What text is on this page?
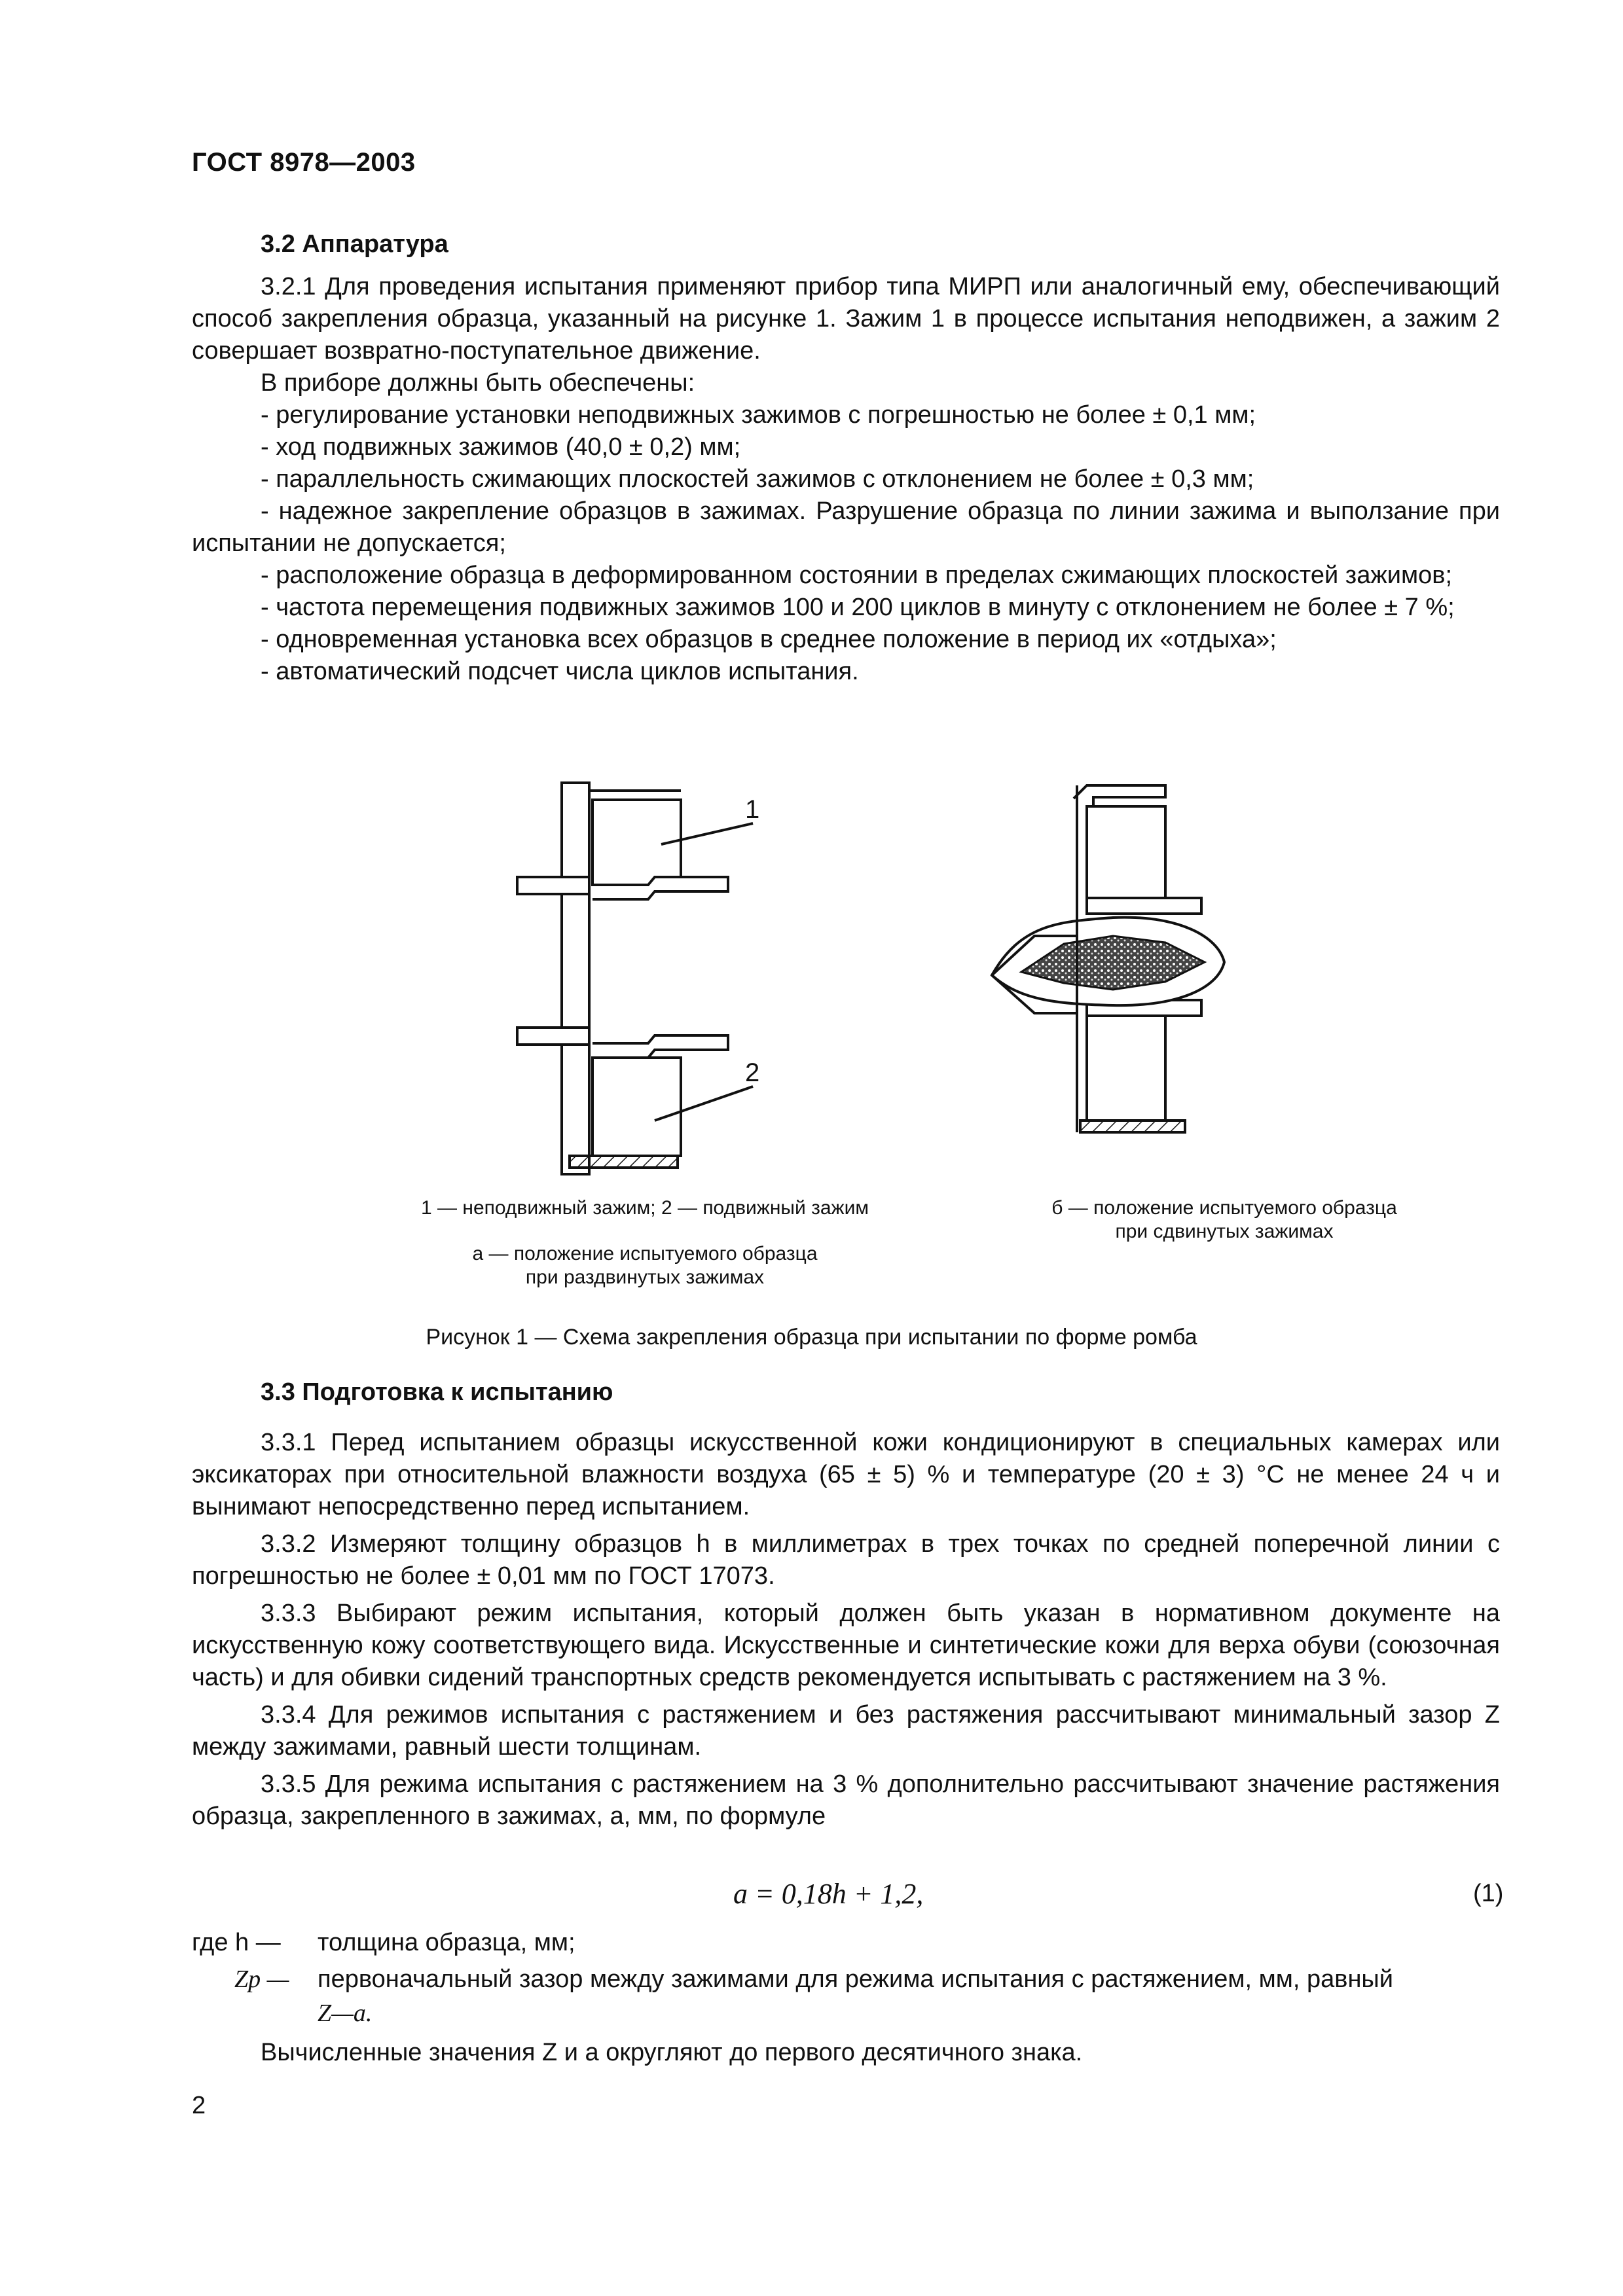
ГОСТ 8978—2003
3.2 Аппаратура

3.2.1 Для проведения испытания применяют прибор типа МИРП или аналогичный ему, обеспечивающий способ закрепления образца, указанный на рисунке 1. Зажим 1 в процессе испытания неподвижен, а зажим 2 совершает возвратно-поступательное движение.

В приборе должны быть обеспечены:

- регулирование установки неподвижных зажимов с погрешностью не более ± 0,1 мм;

- ход подвижных зажимов (40,0 ± 0,2) мм;

- параллельность сжимающих плоскостей зажимов с отклонением не более ± 0,3 мм;

- надежное закрепление образцов в зажимах. Разрушение образца по линии зажима и выползание при испытании не допускается;

- расположение образца в деформированном состоянии в пределах сжимающих плоскостей зажимов;

- частота перемещения подвижных зажимов 100 и 200 циклов в минуту с отклонением не более ± 7 %;

- одновременная установка всех образцов в среднее положение в период их «отдыха»;

- автоматический подсчет числа циклов испытания.

1
2
1 — неподвижный зажим; 2 — подвижный зажим
а — положение испытуемого образца
при раздвинутых зажимах
б — положение испытуемого образца
при сдвинутых зажимах
Рисунок 1 — Схема закрепления образца при испытании по форме ромба
3.3 Подготовка к испытанию

3.3.1 Перед испытанием образцы искусственной кожи кондиционируют в специальных камерах или эксикаторах при относительной влажности воздуха (65 ± 5) % и температуре (20 ± 3) °С не менее 24 ч и вынимают непосредственно перед испытанием.

3.3.2 Измеряют толщину образцов h в миллиметрах в трех точках по средней поперечной линии с погрешностью не более ± 0,01 мм по ГОСТ 17073.

3.3.3 Выбирают режим испытания, который должен быть указан в нормативном документе на искусственную кожу соответствующего вида. Искусственные и синтетические кожи для верха обуви (союзочная часть) и для обивки сидений транспортных средств рекомендуется испытывать с растяжением на 3 %.

3.3.4 Для режимов испытания с растяжением и без растяжения рассчитывают минимальный зазор Z между зажимами, равный шести толщинам.

3.3.5 Для режима испытания с растяжением на 3 % дополнительно рассчитывают значение растяжения образца, закрепленного в зажимах, a, мм, по формуле

a = 0,18h + 1,2,	(1)
где h — толщина образца, мм;
Zp — первоначальный зазор между зажимами для режима испытания с растяжением, мм, равный
Z—a.
Вычисленные значения Z и a округляют до первого десятичного знака.
2
